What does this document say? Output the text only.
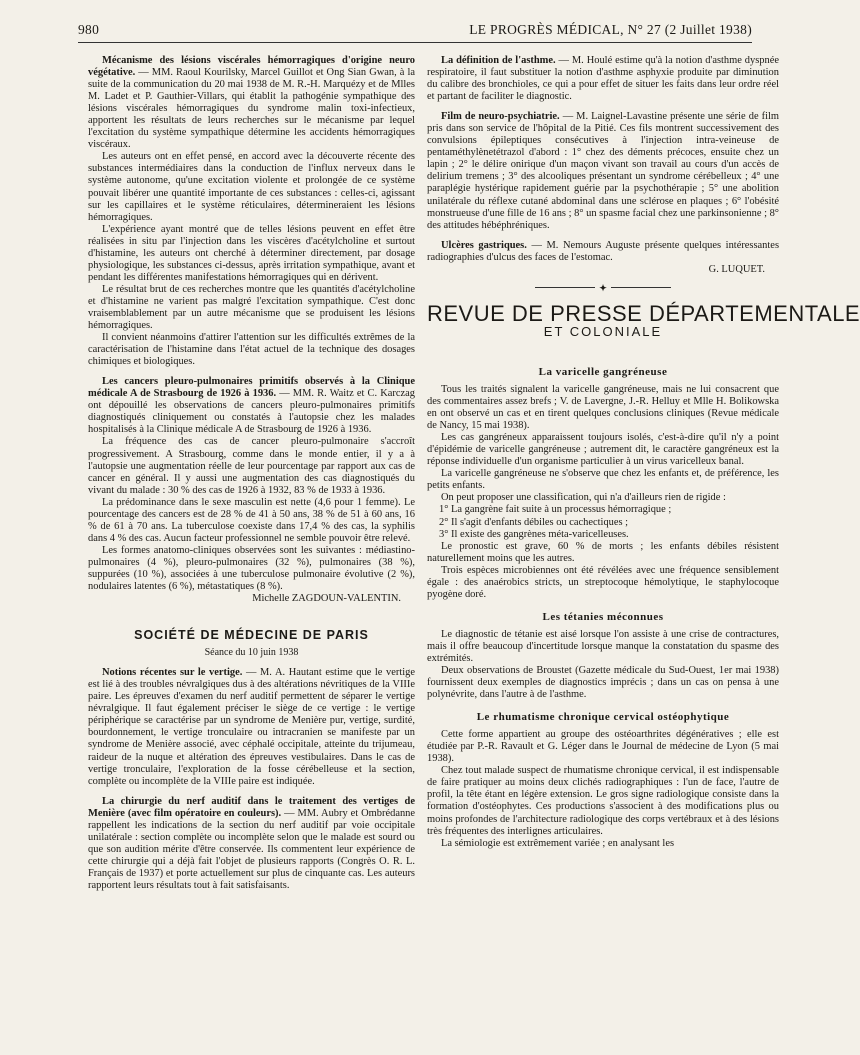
980	LE PROGRÈS MÉDICAL, N° 27 (2 Juillet 1938)

Mécanisme des lésions viscérales hémorragiques d'origine neuro végétative. — MM. Raoul Kourilsky, Marcel Guillot et Ong Sian Gwan, à la suite de la communication du 20 mai 1938 de M. R.-H. Marquézy et de Mlles M. Ladet et P. Gauthier-Villars, qui établit la pathogénie sympathique des lésions viscérales hémorragiques du syndrome malin toxi-infectieux, apportent les résultats de leurs recherches sur le mécanisme par lequel l'excitation du système sympathique détermine les accidents hémorragiques viscéraux.

Les auteurs ont en effet pensé, en accord avec la découverte récente des substances intermédiaires dans la conduction de l'influx nerveux dans le système autonome, qu'une excitation violente et prolongée de ce système pouvait libérer une quantité importante de ces substances : celles-ci, agissant sur les capillaires et le système réticulaires, détermineraient les lésions hémorragiques.

L'expérience ayant montré que de telles lésions peuvent en effet être réalisées in situ par l'injection dans les viscères d'acétylcholine et surtout d'histamine, les auteurs ont cherché à déterminer directement, par dosage physiologique, les substances ci-dessus, après irritation sympathique, avant et pendant les différentes manifestations hémorragiques qui en dérivent.

Le résultat brut de ces recherches montre que les quantités d'acétylcholine et d'histamine ne varient pas malgré l'excitation sympathique. C'est donc vraisemblablement par un autre mécanisme que se produisent les lésions hémorragiques.

Il convient néanmoins d'attirer l'attention sur les difficultés extrêmes de la caractérisation de l'histamine dans l'état actuel de la technique des dosages chimiques et biologiques.

Les cancers pleuro-pulmonaires primitifs observés à la Clinique médicale A de Strasbourg de 1926 à 1936. — MM. R. Waitz et C. Karczag ont dépouillé les observations de cancers pleuro-pulmonaires primitifs diagnostiqués cliniquement ou constatés à l'autopsie chez les malades hospitalisés à la Clinique médicale A de Strasbourg de 1926 à 1936.

La fréquence des cas de cancer pleuro-pulmonaire s'accroît progressivement. A Strasbourg, comme dans le monde entier, il y a à l'autopsie une augmentation réelle de leur pourcentage par rapport aux cas de cancer en général. Il y aussi une augmentation des cas diagnostiqués du vivant du malade : 30 % des cas de 1926 à 1932, 83 % de 1933 à 1936.

La prédominance dans le sexe masculin est nette (4,6 pour 1 femme). Le pourcentage des cancers est de 28 % de 41 à 50 ans, 38 % de 51 à 60 ans, 16 % de 61 à 70 ans. La tuberculose coexiste dans 17,4 % des cas, la syphilis dans 4 % des cas. Aucun facteur professionnel ne semble pouvoir être relevé.

Les formes anatomo-cliniques observées sont les suivantes : médiastino-pulmonaires (4 %), pleuro-pulmonaires (32 %), pulmonaires (38 %), suppurées (10 %), associées à une tuberculose pulmonaire évolutive (2 %), nodulaires latentes (6 %), métastatiques (8 %).

Michelle ZAGDOUN-VALENTIN.

SOCIÉTÉ DE MÉDECINE DE PARIS
Séance du 10 juin 1938

Notions récentes sur le vertige. — M. A. Hautant estime que le vertige est lié à des troubles névralgiques dus à des altérations névritiques de la VIIIe paire. Les épreuves d'examen du nerf auditif permettent de séparer le vertige névralgique. Il faut également préciser le siège de ce vertige : le vertige périphérique se caractérise par un syndrome de Menière pur, vertige, surdité, bourdonnement, le vertige tronculaire ou intracranien se manifeste par un syndrome de Menière associé, avec céphalé occipitale, atteinte du trijumeau, raideur de la nuque et altération des épreuves vestibulaires. Dans le cas de vertige tronculaire, l'exploration de la fosse cérébelleuse et la section, complète ou incomplète de la VIIIe paire est indiquée.

La chirurgie du nerf auditif dans le traitement des vertiges de Menière (avec film opératoire en couleurs). — MM. Aubry et Ombrédanne rappellent les indications de la section du nerf auditif par voie occipitale unilatérale : section complète ou incomplète selon que le malade est sourd ou que son audition mérite d'être conservée. Ils commentent leur expérience de cette chirurgie qui a déjà fait l'objet de plusieurs rapports (Congrès O. R. L. Français de 1937) et porte actuellement sur plus de cinquante cas. Les auteurs rapportent leurs résultats tout à fait satisfaisants.

La définition de l'asthme. — M. Houlé estime qu'à la notion d'asthme dyspnée respiratoire, il faut substituer la notion d'asthme asphyxie produite par diminution du calibre des bronchioles, ce qui a pour effet de situer les faits dans leur ordre réel et partant de faciliter le diagnostic.

Film de neuro-psychiatrie. — M. Laignel-Lavastine présente une série de film pris dans son service de l'hôpital de la Pitié. Ces fils montrent successivement des convulsions épileptiques consécutives à l'injection intra-veineuse de pentaméthylènetétrazol d'abord : 1° chez des déments précoces, ensuite chez un lapin ; 2° le délire onirique d'un maçon vivant son travail au cours d'un accès de delirium tremens ; 3° des alcooliques présentant un syndrome cérébelleux ; 4° une paraplégie hystérique rapidement guérie par la psychothérapie ; 5° une abolition unilatérale du réflexe cutané abdominal dans une sclérose en plaques ; 6° l'obésité monstrueuse d'une fille de 16 ans ; 8° un spasme facial chez une parkinsonienne ; 8° des attitudes hébéphréniques.

Ulcères gastriques. — M. Nemours Auguste présente quelques intéressantes radiographies d'ulcus des faces de l'estomac.

G. LUQUET.

✦
REVUE DE PRESSE DÉPARTEMENTALE
ET COLONIALE
La varicelle gangréneuse

Tous les traités signalent la varicelle gangréneuse, mais ne lui consacrent que des commentaires assez brefs ; V. de Lavergne, J.-R. Helluy et Mlle H. Bolikowska en ont observé un cas et en tirent quelques conclusions cliniques (Revue médicale de Nancy, 15 mai 1938).

Les cas gangréneux apparaissent toujours isolés, c'est-à-dire qu'il n'y a point d'épidémie de varicelle gangréneuse ; autrement dit, le caractère gangréneux est la réponse individuelle d'un organisme particulier à un virus varicelleux banal.

La varicelle gangréneuse ne s'observe que chez les enfants et, de préférence, les petits enfants.

On peut proposer une classification, qui n'a d'ailleurs rien de rigide :

1° La gangrène fait suite à un processus hémorragique ;

2° Il s'agit d'enfants débiles ou cachectiques ;

3° Il existe des gangrènes méta-varicelleuses.

Le pronostic est grave, 60 % de morts ; les enfants débiles résistent naturellement moins que les autres.

Trois espèces microbiennes ont été révélées avec une fréquence sensiblement égale : des anaérobics stricts, un streptocoque hémolytique, le staphylocoque pyogène doré.

Les tétanies méconnues

Le diagnostic de tétanie est aisé lorsque l'on assiste à une crise de contractures, mais il offre beaucoup d'incertitude lorsque manque la constatation du spasme des extrémités.

Deux observations de Broustet (Gazette médicale du Sud-Ouest, 1er mai 1938) fournissent deux exemples de diagnostics imprécis ; dans un cas on pensa à une polynévrite, dans l'autre à de l'asthme.

Le rhumatisme chronique cervical ostéophytique

Cette forme appartient au groupe des ostéoarthrites dégénératives ; elle est étudiée par P.-R. Ravault et G. Léger dans le Journal de médecine de Lyon (5 mai 1938).

Chez tout malade suspect de rhumatisme chronique cervical, il est indispensable de faire pratiquer au moins deux clichés radiographiques : l'un de face, l'autre de profil, la tête étant en légère extension. Le gros signe radiologique consiste dans la formation d'ostéophytes. Ces productions s'associent à des modifications plus ou moins profondes de l'architecture radiologique des corps vertébraux et à des lésions très fréquentes des interlignes articulaires.

La sémiologie est extrêmement variée ; en analysant les
